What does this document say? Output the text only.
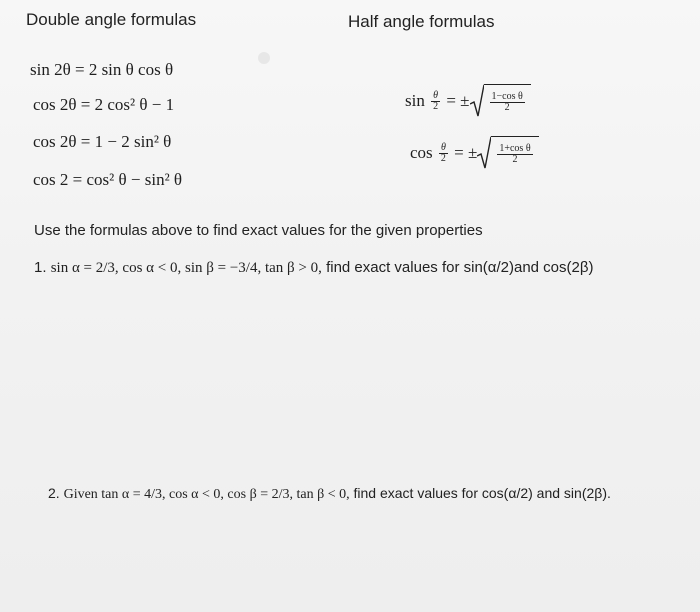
Double angle formulas	Half angle formulas
sin 2θ = 2 sin θ cos θ
cos 2θ = 2 cos² θ − 1
cos 2θ = 1 − 2 sin² θ
cos 2 = cos² θ − sin² θ
sin
$\frac{\theta}{2}$
= ± $\frac{\text{1−cos θ}}{2}$
cos
$\frac{\theta}{2}$
= ± $\frac{\text{1+cos θ}}{2}$
Use the formulas above to find exact values for the given properties
1. sin α = 2/3, cos α < 0, sin β = −3/4, tan β > 0, find exact values for sin(α/2)and cos(2β)
2. Given tan α = 4/3, cos α < 0, cos β = 2/3, tan β < 0, find exact values for cos(α/2) and sin(2β).
